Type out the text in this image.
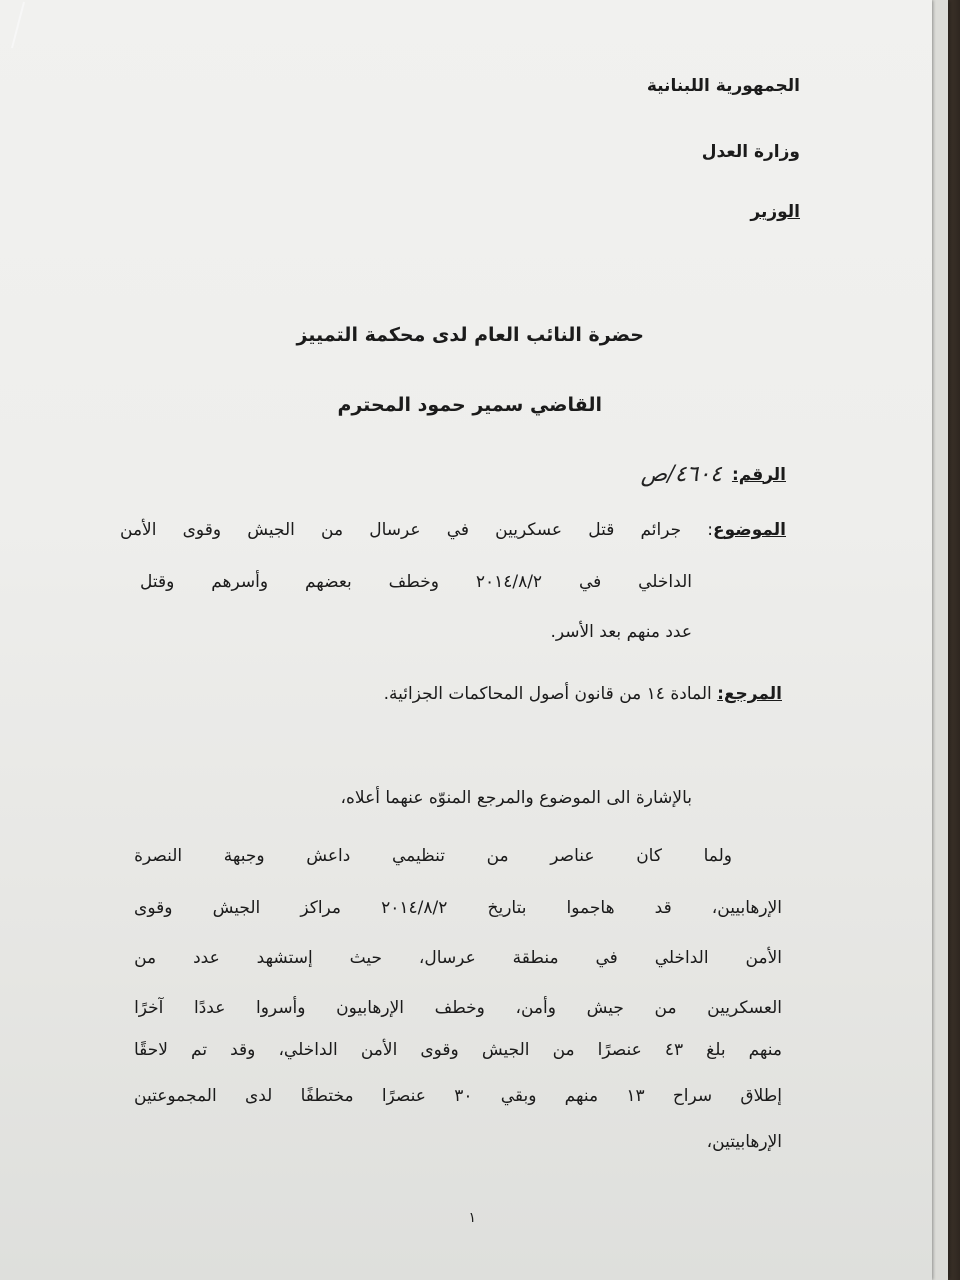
الجمهورية اللبنانية
وزارة العدل
الوزير
حضرة النائب العام لدى محكمة التمييز
القاضي سمير حمود المحترم
الرقم:
٤٦٠٤/ص
الموضوع: جرائم قتل عسكريين في عرسال من الجيش وقوى الأمن
الداخلي في ٢٠١٤/٨/٢ وخطف بعضهم وأسرهم وقتل
عدد منهم بعد الأسر.
المرجع: المادة ١٤ من قانون أصول المحاكمات الجزائية.
بالإشارة الى الموضوع والمرجع المنوّه عنهما أعلاه،
ولما
كان
عناصر
من
تنظيمي
داعش
وجبهة
النصرة
الإرهابيين،
قد
هاجموا
بتاريخ
٢٠١٤/٨/٢
مراكز
الجيش
وقوى
الأمن
الداخلي
في
منطقة
عرسال،
حيث
إستشهد
عدد
من
العسكريين
من
جيش
وأمن،
وخطف
الإرهابيون
وأسروا
عددًا
آخرًا
منهم
بلغ
٤٣
عنصرًا
من
الجيش
وقوى
الأمن
الداخلي،
وقد
تم
لاحقًا
إطلاق
سراح
١٣
منهم
وبقي
٣٠
عنصرًا
مختطفًا
لدى
المجموعتين
الإرهابيتين،
١
